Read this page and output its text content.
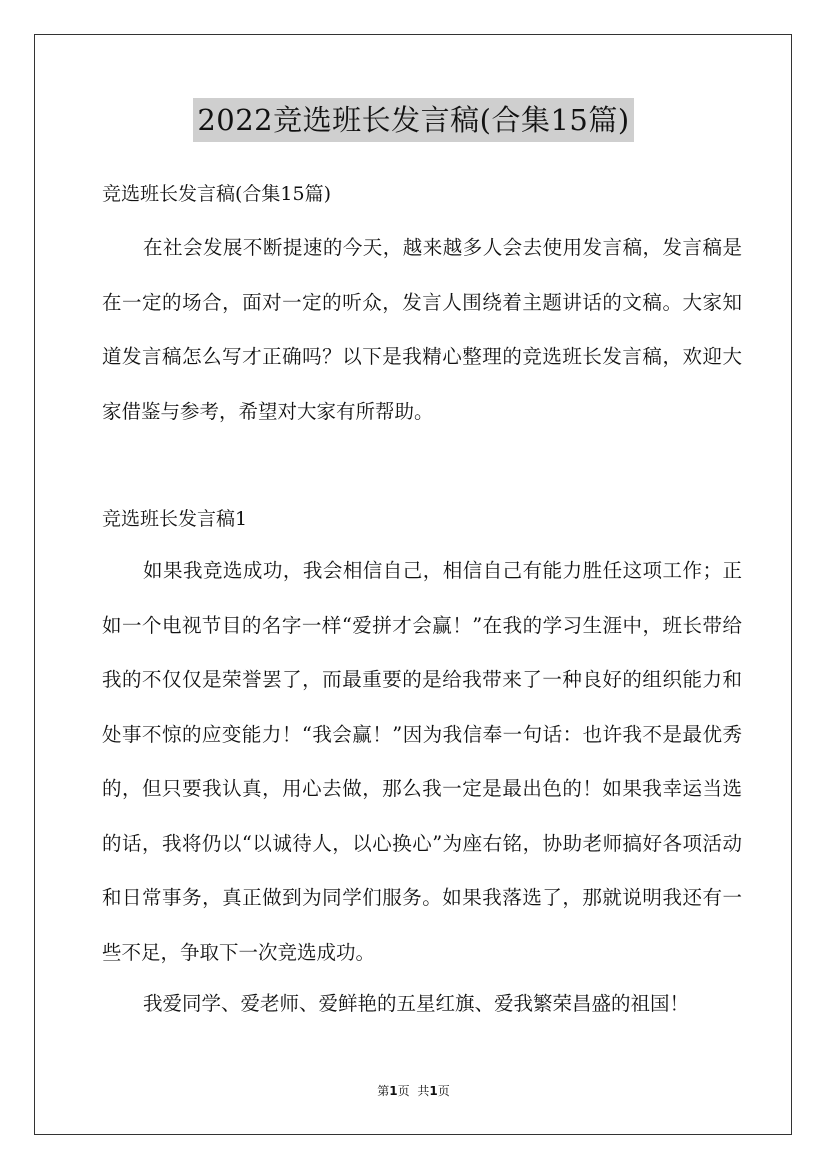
2022竞选班长发言稿(合集15篇)
竞选班长发言稿(合集15篇)

在社会发展不断提速的今天，越来越多人会去使用发言稿，发言稿是在一定的场合，面对一定的听众，发言人围绕着主题讲话的文稿。大家知道发言稿怎么写才正确吗？以下是我精心整理的竞选班长发言稿，欢迎大家借鉴与参考，希望对大家有所帮助。

竞选班长发言稿1

如果我竞选成功，我会相信自己，相信自己有能力胜任这项工作；正如一个电视节目的名字一样“爱拼才会赢！”在我的学习生涯中，班长带给我的不仅仅是荣誉罢了，而最重要的是给我带来了一种良好的组织能力和处事不惊的应变能力！“我会赢！”因为我信奉一句话：也许我不是最优秀的，但只要我认真，用心去做，那么我一定是最出色的！如果我幸运当选的话，我将仍以“以诚待人，以心换心”为座右铭，协助老师搞好各项活动和日常事务，真正做到为同学们服务。如果我落选了，那就说明我还有一些不足，争取下一次竞选成功。

我爱同学、爱老师、爱鲜艳的五星红旗、爱我繁荣昌盛的祖国！

第1页 共1页
